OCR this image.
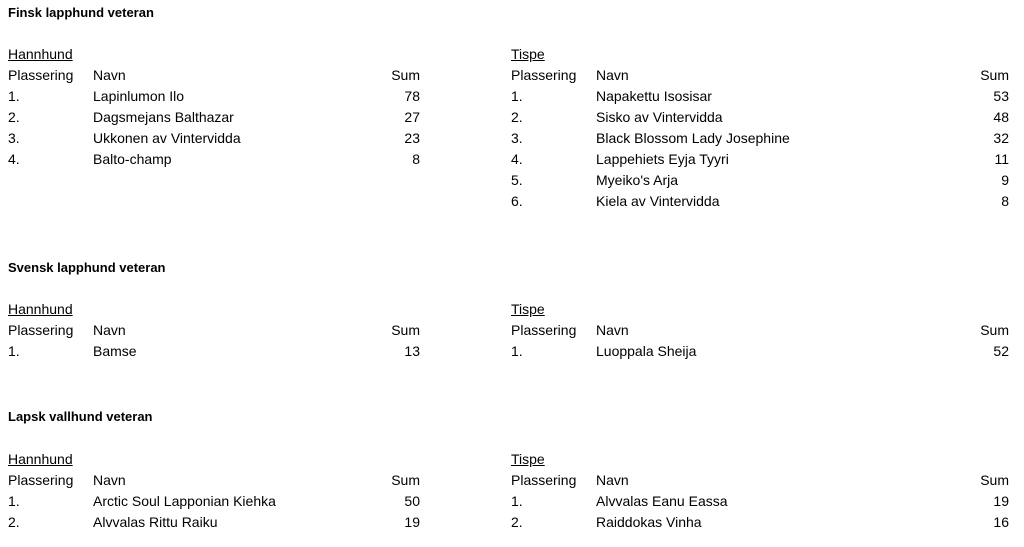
Finsk lapphund veteran
Hannhund
Plassering Navn	Sum
1.	Lapinlumon Ilo	78
2.	Dagsmejans Balthazar	27
3.	Ukkonen av Vintervidda	23
4.	Balto-champ	8
Tispe
Plassering Navn	Sum
1.	Napakettu Isosisar	53
2.	Sisko av Vintervidda	48
3.	Black Blossom Lady Josephine	32
4.	Lappehiets Eyja Tyyri	11
5.	Myeiko's Arja	9
6.	Kiela av Vintervidda	8
Svensk lapphund veteran
Hannhund
Plassering Navn	Sum
1.	Bamse	13
Tispe
Plassering Navn	Sum
1.	Luoppala Sheija	52
Lapsk vallhund veteran
Hannhund
Plassering Navn	Sum
1.	Arctic Soul Lapponian Kiehka	50
2.	Alvvalas Rittu Raiku	19
Tispe
Plassering Navn	Sum
1.	Alvvalas Eanu Eassa	19
2.	Raiddokas Vinha	16
